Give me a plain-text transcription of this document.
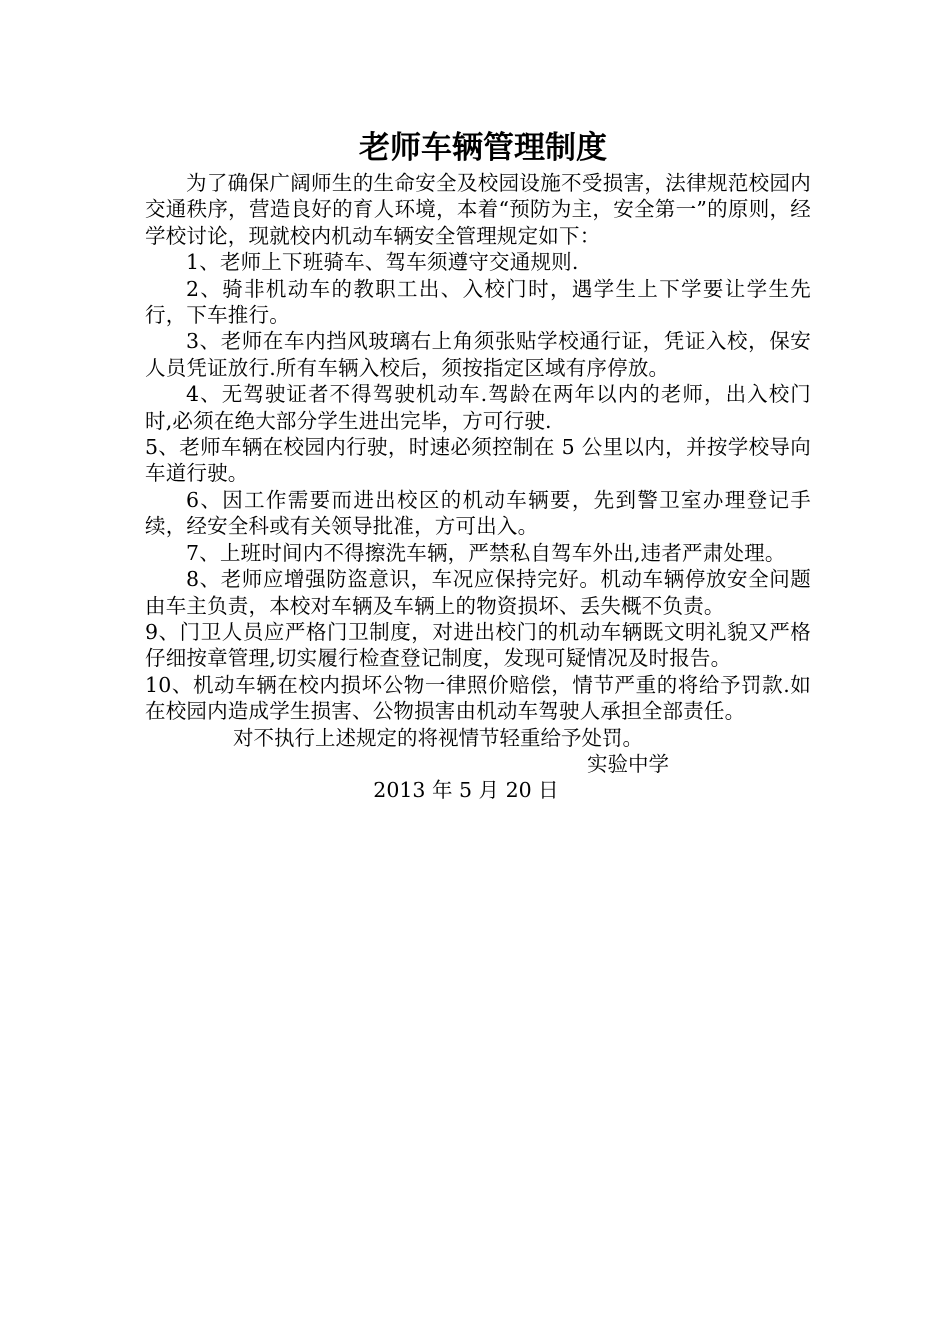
老师车辆管理制度

为了确保广阔师生的生命安全及校园设施不受损害，法律规范校园内交通秩序，营造良好的育人环境，本着“预防为主，安全第一”的原则，经学校讨论，现就校内机动车辆安全管理规定如下：

1、老师上下班骑车、驾车须遵守交通规则.

2、骑非机动车的教职工出、入校门时，遇学生上下学要让学生先行，下车推行。

3、老师在车内挡风玻璃右上角须张贴学校通行证，凭证入校，保安人员凭证放行.所有车辆入校后，须按指定区域有序停放。

4、无驾驶证者不得驾驶机动车.驾龄在两年以内的老师，出入校门时,必须在绝大部分学生进出完毕，方可行驶.

5、老师车辆在校园内行驶，时速必须控制在 5 公里以内，并按学校导向车道行驶。

6、因工作需要而进出校区的机动车辆要，先到警卫室办理登记手续，经安全科或有关领导批准，方可出入。

7、上班时间内不得擦洗车辆，严禁私自驾车外出,违者严肃处理。

8、老师应增强防盗意识，车况应保持完好。机动车辆停放安全问题由车主负责，本校对车辆及车辆上的物资损坏、丢失概不负责。

9、门卫人员应严格门卫制度，对进出校门的机动车辆既文明礼貌又严格仔细按章管理,切实履行检查登记制度，发现可疑情况及时报告。

10、机动车辆在校内损坏公物一律照价赔偿，情节严重的将给予罚款.如在校园内造成学生损害、公物损害由机动车驾驶人承担全部责任。

对不执行上述规定的将视情节轻重给予处罚。

实验中学

2013 年 5 月 20 日
